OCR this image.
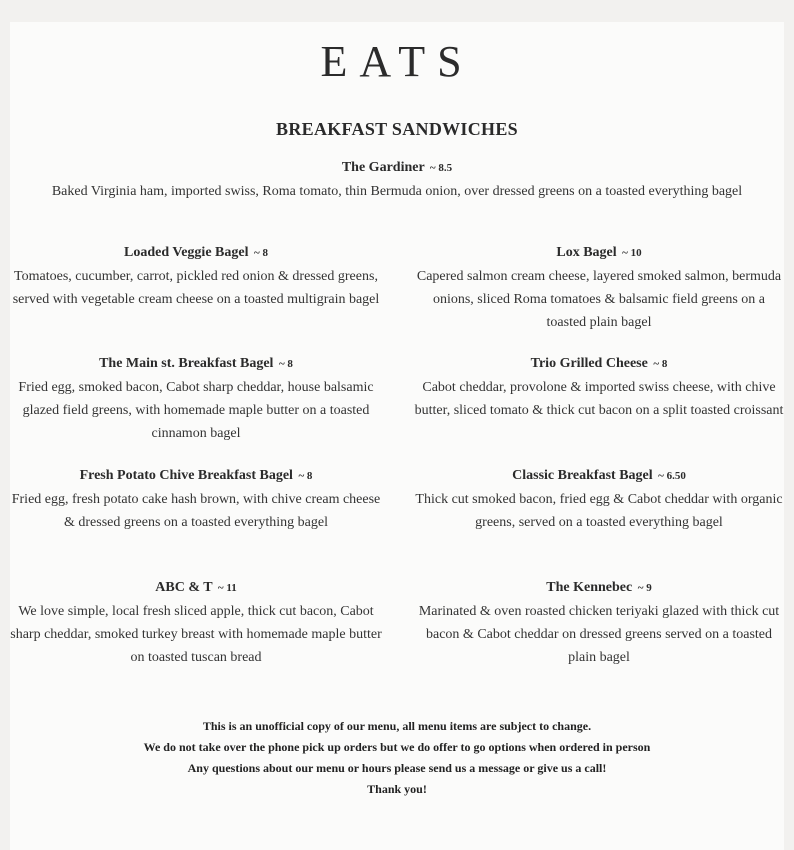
EATS
BREAKFAST SANDWICHES
The Gardiner ~ 8.5
Baked Virginia ham, imported swiss, Roma tomato, thin Bermuda onion, over dressed greens on a toasted everything bagel
Loaded Veggie Bagel ~ 8
Tomatoes, cucumber, carrot, pickled red onion & dressed greens, served with vegetable cream cheese on a toasted multigrain bagel
Lox Bagel ~ 10
Capered salmon cream cheese, layered smoked salmon, bermuda onions, sliced Roma tomatoes & balsamic field greens on a toasted plain bagel
The Main st. Breakfast Bagel ~ 8
Fried egg, smoked bacon, Cabot sharp cheddar, house balsamic glazed field greens, with homemade maple butter on a toasted cinnamon bagel
Trio Grilled Cheese ~ 8
Cabot cheddar, provolone & imported swiss cheese, with chive butter, sliced tomato & thick cut bacon on a split toasted croissant
Fresh Potato Chive Breakfast Bagel ~ 8
Fried egg, fresh potato cake hash brown, with chive cream cheese & dressed greens on a toasted everything bagel
Classic Breakfast Bagel ~ 6.50
Thick cut smoked bacon, fried egg & Cabot cheddar with organic greens, served on a toasted everything bagel
ABC & T ~ 11
We love simple, local fresh sliced apple, thick cut bacon, Cabot sharp cheddar, smoked turkey breast with homemade maple butter on toasted tuscan bread
The Kennebec ~ 9
Marinated & oven roasted chicken teriyaki glazed with thick cut bacon & Cabot cheddar on dressed greens served on a toasted plain bagel
This is an unofficial copy of our menu, all menu items are subject to change.
We do not take over the phone pick up orders but we do offer to go options when ordered in person
Any questions about our menu or hours please send us a message or give us a call!
Thank you!
